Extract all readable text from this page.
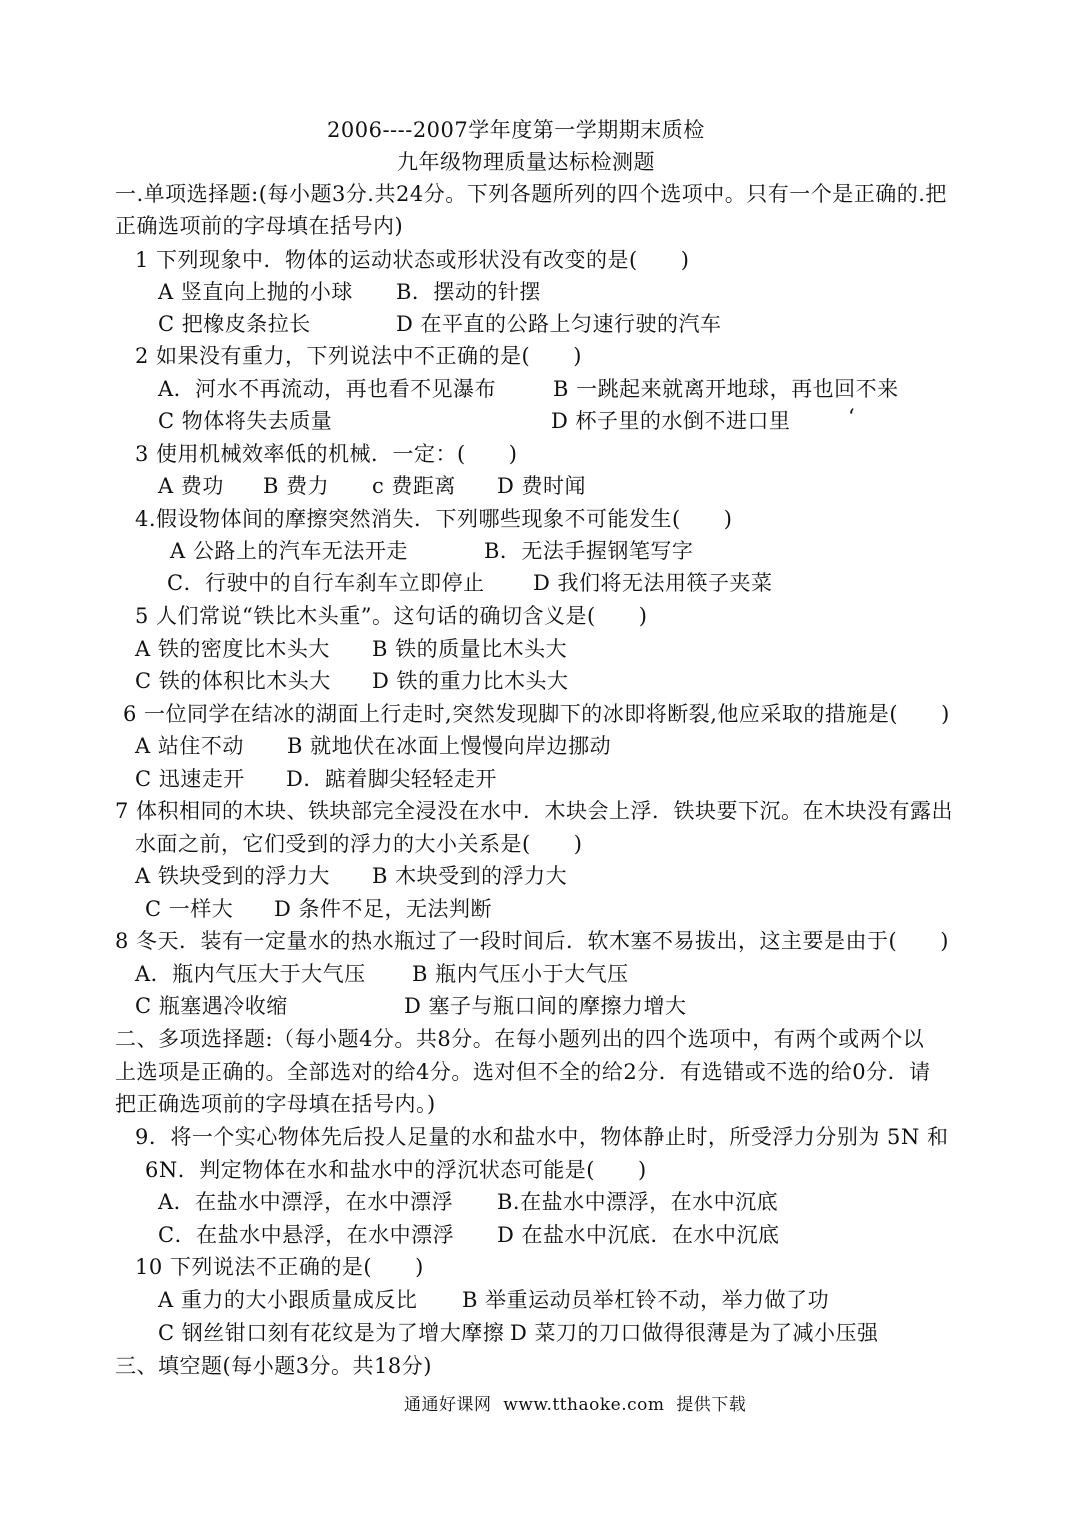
2006----2007学年度第一学期期末质检
九年级物理质量达标检测题
一.单项选择题:(每小题3分.共24分。下列各题所列的四个选项中。只有一个是正确的.把
正确选项前的字母填在括号内)
1 下列现象中．物体的运动状态或形状没有改变的是(      )
A 竖直向上抛的小球 B．摆动的针摆
C 把橡皮条拉长	D 在平直的公路上匀速行驶的汽车
2 如果没有重力，下列说法中不正确的是(      )
A．河水不再流动，再也看不见瀑布	B 一跳起来就离开地球，再也回不来
C 物体将失去质量	D 杯子里的水倒不进口里	‘
3 使用机械效率低的机械．一定：(      )
A 费功 B 费力 c 费距离 D 费时闻
4.假设物体间的摩擦突然消失．下列哪些现象不可能发生(      )
A 公路上的汽车无法开走	B．无法手握钢笔写字
C．行驶中的自行车刹车立即停止 D 我们将无法用筷子夹菜
5 人们常说“铁比木头重”。这句话的确切含义是(      )
A 铁的密度比木头大 B 铁的质量比木头大
C 铁的体积比木头大 D 铁的重力比木头大
6 一位同学在结冰的湖面上行走时,突然发现脚下的冰即将断裂,他应采取的措施是(      )
A 站住不动 B 就地伏在冰面上慢慢向岸边挪动
C 迅速走开 D．踮着脚尖轻轻走开
7 体积相同的木块、铁块部完全浸没在水中．木块会上浮．铁块要下沉。在木块没有露出
水面之前，它们受到的浮力的大小关系是(      )
A 铁块受到的浮力大 B 木块受到的浮力大
C 一样大 D 条件不足，无法判断
8 冬天．装有一定量水的热水瓶过了一段时间后．软木塞不易拔出，这主要是由于(      )
A．瓶内气压大于大气压 B 瓶内气压小于大气压
C 瓶塞遇冷收缩	D 塞子与瓶口间的摩擦力增大
二、多项选择题:（每小题4分。共8分。在每小题列出的四个选项中，有两个或两个以
上选项是正确的。全部选对的给4分。选对但不全的给2分．有选错或不选的给0分．请
把正确选项前的字母填在括号内。)
9．将一个实心物体先后投人足量的水和盐水中，物体静止时，所受浮力分别为 5N 和
6N．判定物体在水和盐水中的浮沉状态可能是(      )
A．在盐水中漂浮，在水中漂浮 B.在盐水中漂浮，在水中沉底
C．在盐水中悬浮，在水中漂浮 D 在盐水中沉底．在水中沉底
10 下列说法不正确的是(      )
A 重力的大小跟质量成反比 B 举重运动员举杠铃不动，举力做了功
C 钢丝钳口刻有花纹是为了增大摩擦 D 菜刀的刀口做得很薄是为了减小压强
三、填空题(每小题3分。共18分)
通通好课网  www.tthaoke.com  提供下载
